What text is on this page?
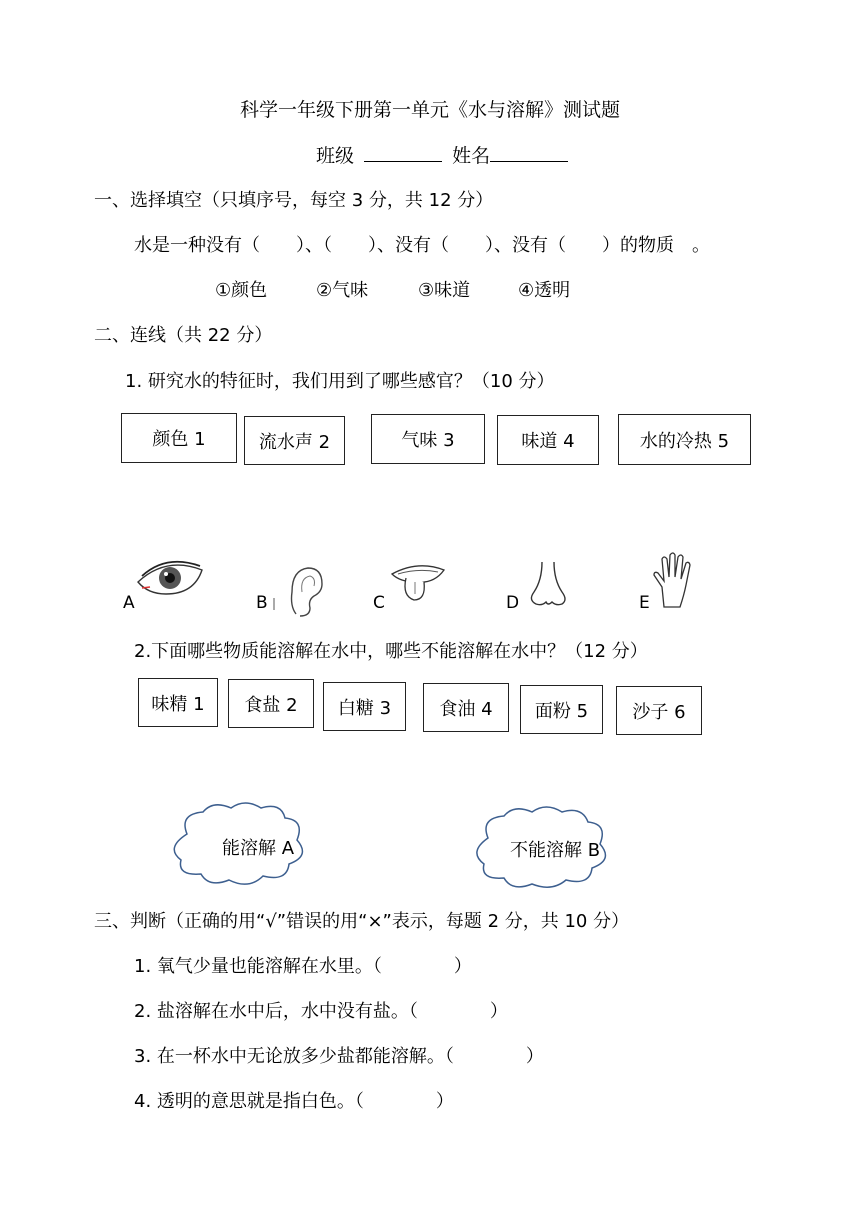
科学一年级下册第一单元《水与溶解》测试题
班级	姓名
一、选择填空（只填序号，每空 3 分，共 12 分）
水是一种没有（　　）、（　　）、没有（　　）、没有（　　）的物质　。
①颜色	②气味	③味道	④透明
二、连线（共 22 分）
1. 研究水的特征时，我们用到了哪些感官？（10 分）
颜色 1	流水声 2	气味 3	味道 4	水的冷热 5
A	B	C	D	E
2.下面哪些物质能溶解在水中，哪些不能溶解在水中？（12 分）
味精 1	食盐 2	白糖 3	食油 4	面粉 5	沙子 6
能溶解 A	不能溶解 B
三、判断（正确的用“√”错误的用“×”表示，每题 2 分，共 10 分）
1. 氧气少量也能溶解在水里。（　　　　）
2. 盐溶解在水中后，水中没有盐。（　　　　）
3. 在一杯水中无论放多少盐都能溶解。（　　　　）
4. 透明的意思就是指白色。（　　　　）
